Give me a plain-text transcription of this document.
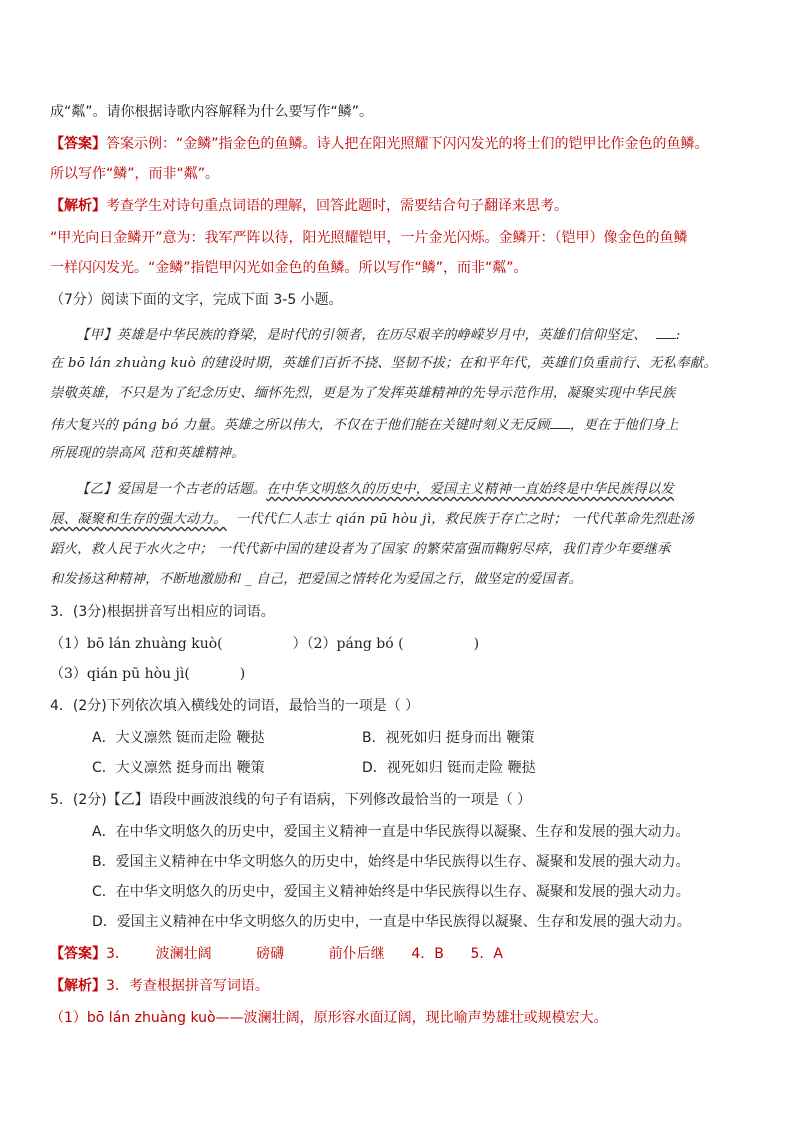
成“粼”。请你根据诗歌内容解释为什么要写作“鳞”。
【答案】答案示例：“金鳞”指金色的鱼鳞。诗人把在阳光照耀下闪闪发光的将士们的铠甲比作金色的鱼鳞。
所以写作“鳞”，而非“粼”。
【解析】考查学生对诗句重点词语的理解，回答此题时，需要结合句子翻译来思考。
“甲光向日金鳞开”意为：我军严阵以待，阳光照耀铠甲，一片金光闪烁。金鳞开：（铠甲）像金色的鱼鳞
一样闪闪发光。“金鳞”指铠甲闪光如金色的鱼鳞。所以写作“鳞”，而非“粼”。
（7分）阅读下面的文字，完成下面 3-5 小题。
【甲】英雄是中华民族的脊梁，是时代的引领者，在历尽艰辛的峥嵘岁月中，英雄们信仰坚定、 :
在 bō lán zhuàng kuò 的建设时期，英雄们百折不挠、坚韧不拔；在和平年代，英雄们负重前行、无私奉献。
崇敬英雄，不只是为了纪念历史、缅怀先烈，更是为了发挥英雄精神的先导示范作用，凝聚实现中华民族
伟大复兴的 páng bó 力量。英雄之所以伟大，不仅在于他们能在关键时刻义无反顾 ，更在于他们身上
所展现的崇高风 范和英雄精神。
【乙】爱国是一个古老的话题。在中华文明悠久的历史中，爱国主义精神一直始终是中华民族得以发
展、凝聚和生存的强大动力。 一代代仁人志士 qián pū hòu jì，救民族于存亡之时； 一代代革命先烈赴汤
蹈火，救人民于水火之中； 一代代新中国的建设者为了国家 的繁荣富强而鞠躬尽瘁，我们青少年要继承
和发扬这种精神，不断地激励和 _ 自己，把爱国之情转化为爱国之行，做坚定的爱国者。
3．(3分)根据拼音写出相应的词语。
（1）bō lán zhuàng kuò(	）（2）páng bó (	)
（3）qián pū hòu jì(	)
4．(2分)下列依次填入横线处的词语，最恰当的一项是（ ）
A．大义凛然 铤而走险 鞭挞	B．视死如归 挺身而出 鞭策
C．大义凛然 挺身而出 鞭策	D．视死如归 铤而走险 鞭挞
5．(2分)【乙】语段中画波浪线的句子有语病，下列修改最恰当的一项是（ ）
A．在中华文明悠久的历史中，爱国主义精神一直是中华民族得以凝聚、生存和发展的强大动力。
B．爱国主义精神在中华文明悠久的历史中，始终是中华民族得以生存、凝聚和发展的强大动力。
C．在中华文明悠久的历史中，爱国主义精神始终是中华民族得以生存、凝聚和发展的强大动力。
D．爱国主义精神在中华文明悠久的历史中，一直是中华民族得以凝聚、生存和发展的强大动力。
【答案】3．      波澜壮阔          磅礴          前仆后继      4．B      5．A
【解析】3．考查根据拼音写词语。
（1）bō lán zhuàng kuò——波澜壮阔，原形容水面辽阔，现比喻声势雄壮或规模宏大。
